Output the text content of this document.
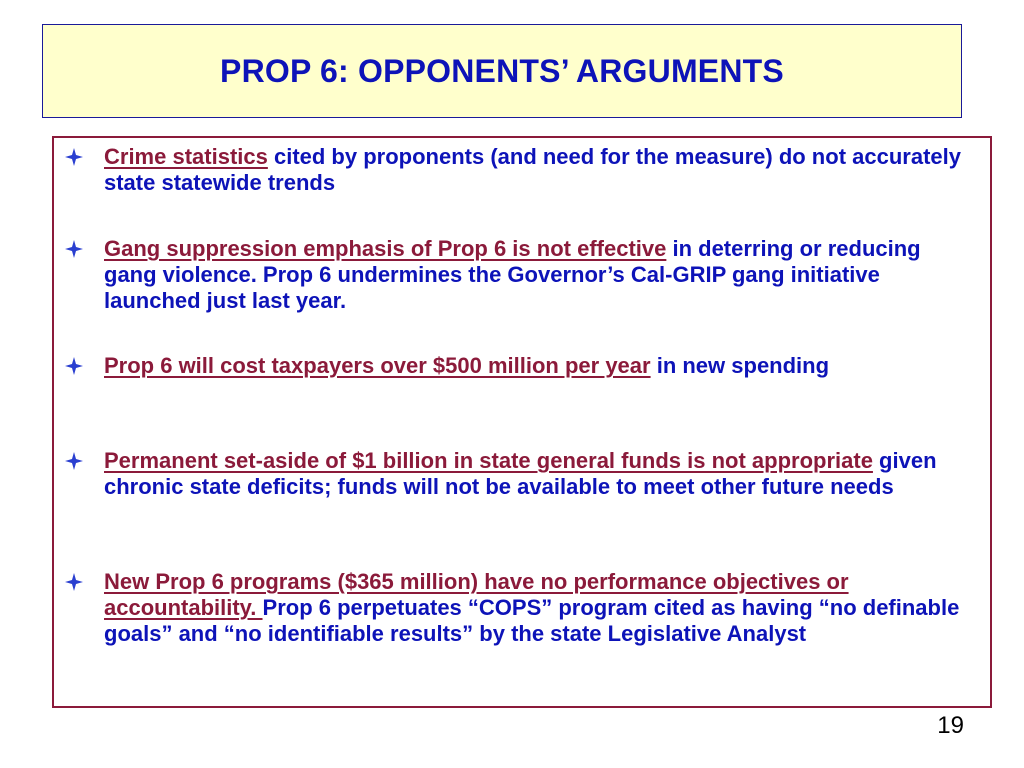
PROP 6: OPPONENTS’ ARGUMENTS
Crime statistics cited by proponents (and need for the measure) do not accurately state statewide trends
Gang suppression emphasis of Prop 6 is not effective in deterring or reducing gang violence. Prop 6 undermines the Governor’s Cal-GRIP gang initiative launched just last year.
Prop 6 will cost taxpayers over $500 million per year in new spending
Permanent set-aside of $1 billion in state general funds is not appropriate given chronic state deficits; funds will not be available to meet other future needs
New Prop 6 programs ($365 million) have no performance objectives or accountability. Prop 6 perpetuates “COPS” program cited as having “no definable goals” and “no identifiable results” by the state Legislative Analyst
19
